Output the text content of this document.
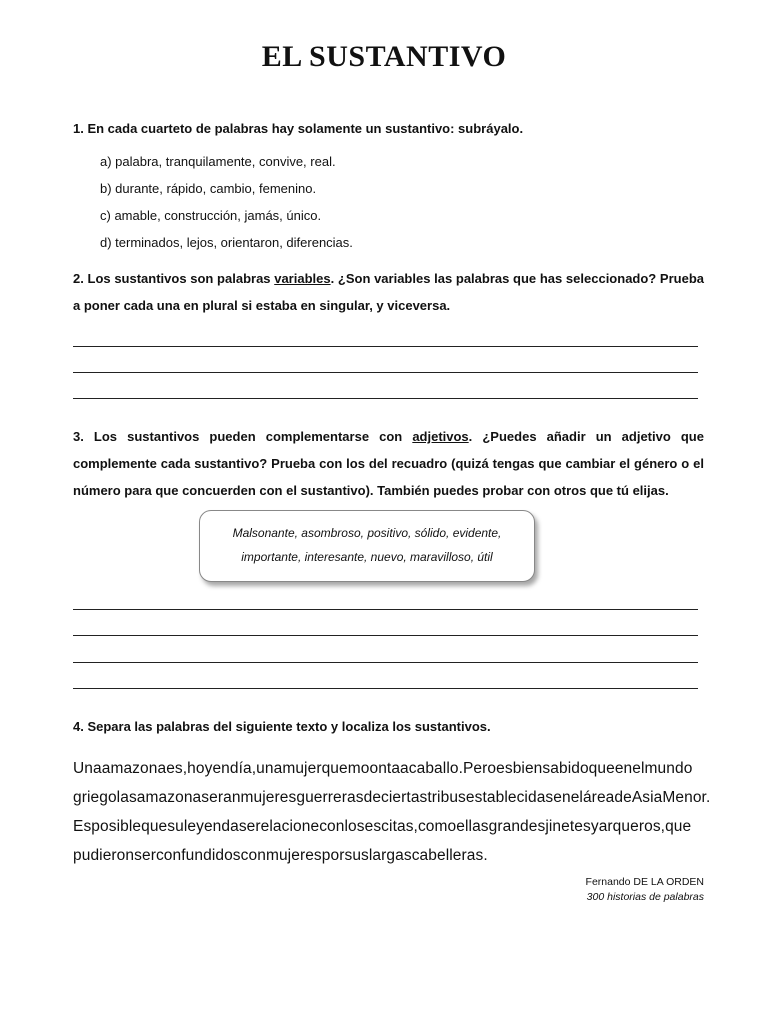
EL SUSTANTIVO
1. En cada cuarteto de palabras hay solamente un sustantivo: subráyalo.
a) palabra, tranquilamente, convive, real.
b) durante, rápido, cambio, femenino.
c) amable, construcción, jamás, único.
d) terminados, lejos, orientaron, diferencias.
2. Los sustantivos son palabras variables. ¿Son variables las palabras que has seleccionado? Prueba a poner cada una en plural si estaba en singular, y viceversa.
3. Los sustantivos pueden complementarse con adjetivos. ¿Puedes añadir un adjetivo que complemente cada sustantivo? Prueba con los del recuadro (quizá tengas que cambiar el género o el número para que concuerden con el sustantivo). También puedes probar con otros que tú elijas.
Malsonante, asombroso, positivo, sólido, evidente,
importante, interesante, nuevo, maravilloso, útil
4. Separa las palabras del siguiente texto y localiza los sustantivos.
Unaamazonaes,hoyendía,unamujerquemoontaacaballo.Peroesbiensabidoqueenelmundo
griegolasamazonaseranmujeresguerrerasdeciertastribusestablecidasenelá​reade​AsiaMenor.
Esposiblequesuleyendaserelacioneconlosescitas,comoellasgrandesjinetesyarqueros,que
pudieronserconfundidosconmujeresporsuslargascabelleras.
Fernando DE LA ORDEN
300 historias de palabras
